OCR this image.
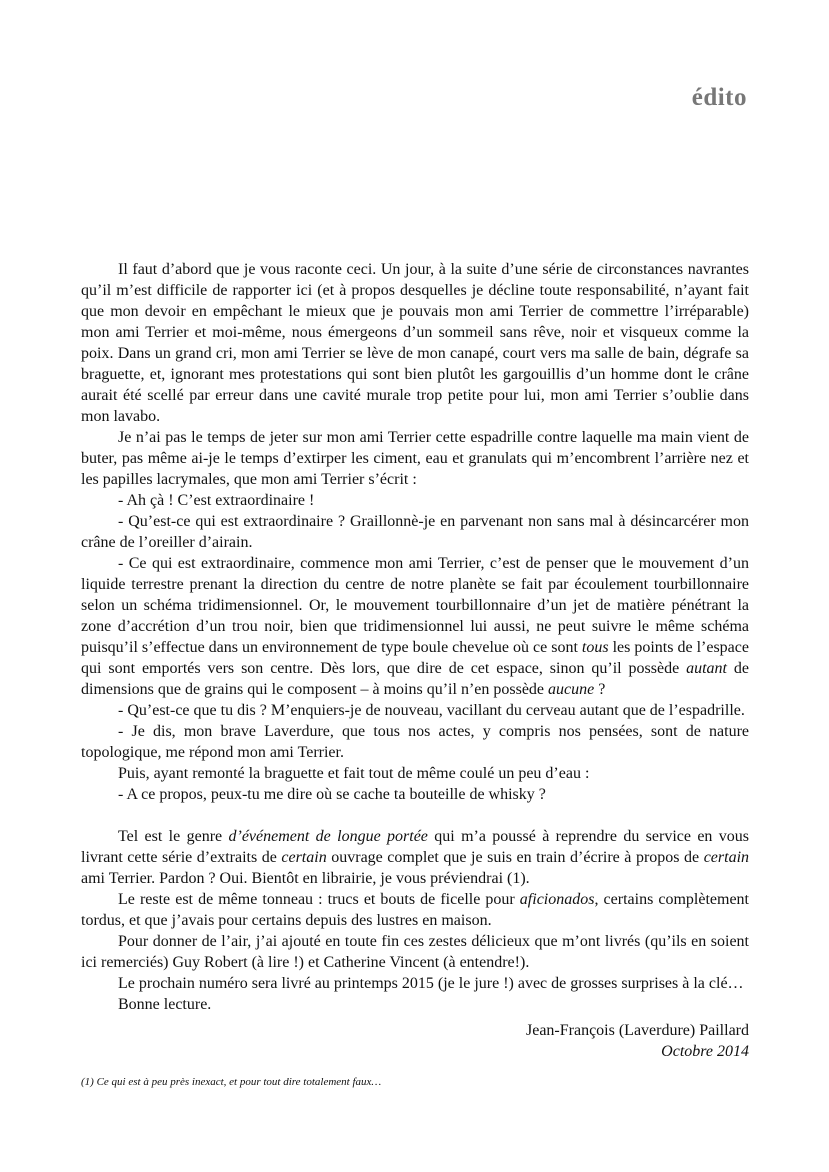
édito

Il faut d’abord que je vous raconte ceci. Un jour, à la suite d’une série de circonstances navrantes qu’il m’est difficile de rapporter ici (et à propos desquelles je décline toute responsabilité, n’ayant fait que mon devoir en empêchant le mieux que je pouvais mon ami Terrier de commettre l’irréparable) mon ami Terrier et moi-même, nous émergeons d’un sommeil sans rêve, noir et visqueux comme la poix. Dans un grand cri, mon ami Terrier se lève de mon canapé, court vers ma salle de bain, dégrafe sa braguette, et, ignorant mes protestations qui sont bien plutôt les gargouillis d’un homme dont le crâne aurait été scellé par erreur dans une cavité murale trop petite pour lui, mon ami Terrier s’oublie dans mon lavabo.

Je n’ai pas le temps de jeter sur mon ami Terrier cette espadrille contre laquelle ma main vient de buter, pas même ai-je le temps d’extirper les ciment, eau et granulats qui m’encombrent l’arrière nez et les papilles lacrymales, que mon ami Terrier s’écrit :

- Ah çà ! C’est extraordinaire !

- Qu’est-ce qui est extraordinaire ? Graillonnè-je en parvenant non sans mal à désincarcérer mon crâne de l’oreiller d’airain.

- Ce qui est extraordinaire, commence mon ami Terrier, c’est de penser que le mouvement d’un liquide terrestre prenant la direction du centre de notre planète se fait par écoulement tourbillonnaire selon un schéma tridimensionnel. Or, le mouvement tourbillonnaire d’un jet de matière pénétrant la zone d’accrétion d’un trou noir, bien que tridimensionnel lui aussi, ne peut suivre le même schéma puisqu’il s’effectue dans un environnement de type boule chevelue où ce sont tous les points de l’espace qui sont emportés vers son centre. Dès lors, que dire de cet espace, sinon qu’il possède autant de dimensions que de grains qui le composent – à moins qu’il n’en possède aucune ?

- Qu’est-ce que tu dis ? M’enquiers-je de nouveau, vacillant du cerveau autant que de l’espadrille.

- Je dis, mon brave Laverdure, que tous nos actes, y compris nos pensées, sont de nature topologique, me répond mon ami Terrier.

Puis, ayant remonté la braguette et fait tout de même coulé un peu d’eau :

- A ce propos, peux-tu me dire où se cache ta bouteille de whisky ?

Tel est le genre d’événement de longue portée qui m’a poussé à reprendre du service en vous livrant cette série d’extraits de certain ouvrage complet que je suis en train d’écrire à propos de certain ami Terrier. Pardon ? Oui. Bientôt en librairie, je vous préviendrai (1).

Le reste est de même tonneau : trucs et bouts de ficelle pour aficionados, certains complètement tordus, et que j’avais pour certains depuis des lustres en maison.

Pour donner de l’air, j’ai ajouté en toute fin ces zestes délicieux que m’ont livrés (qu’ils en soient ici remerciés) Guy Robert (à lire !) et Catherine Vincent (à entendre!).

Le prochain numéro sera livré au printemps 2015 (je le jure !) avec de grosses surprises à la clé…

Bonne lecture.

Jean-François (Laverdure) Paillard
Octobre 2014
(1) Ce qui est à peu près inexact, et pour tout dire totalement faux…
